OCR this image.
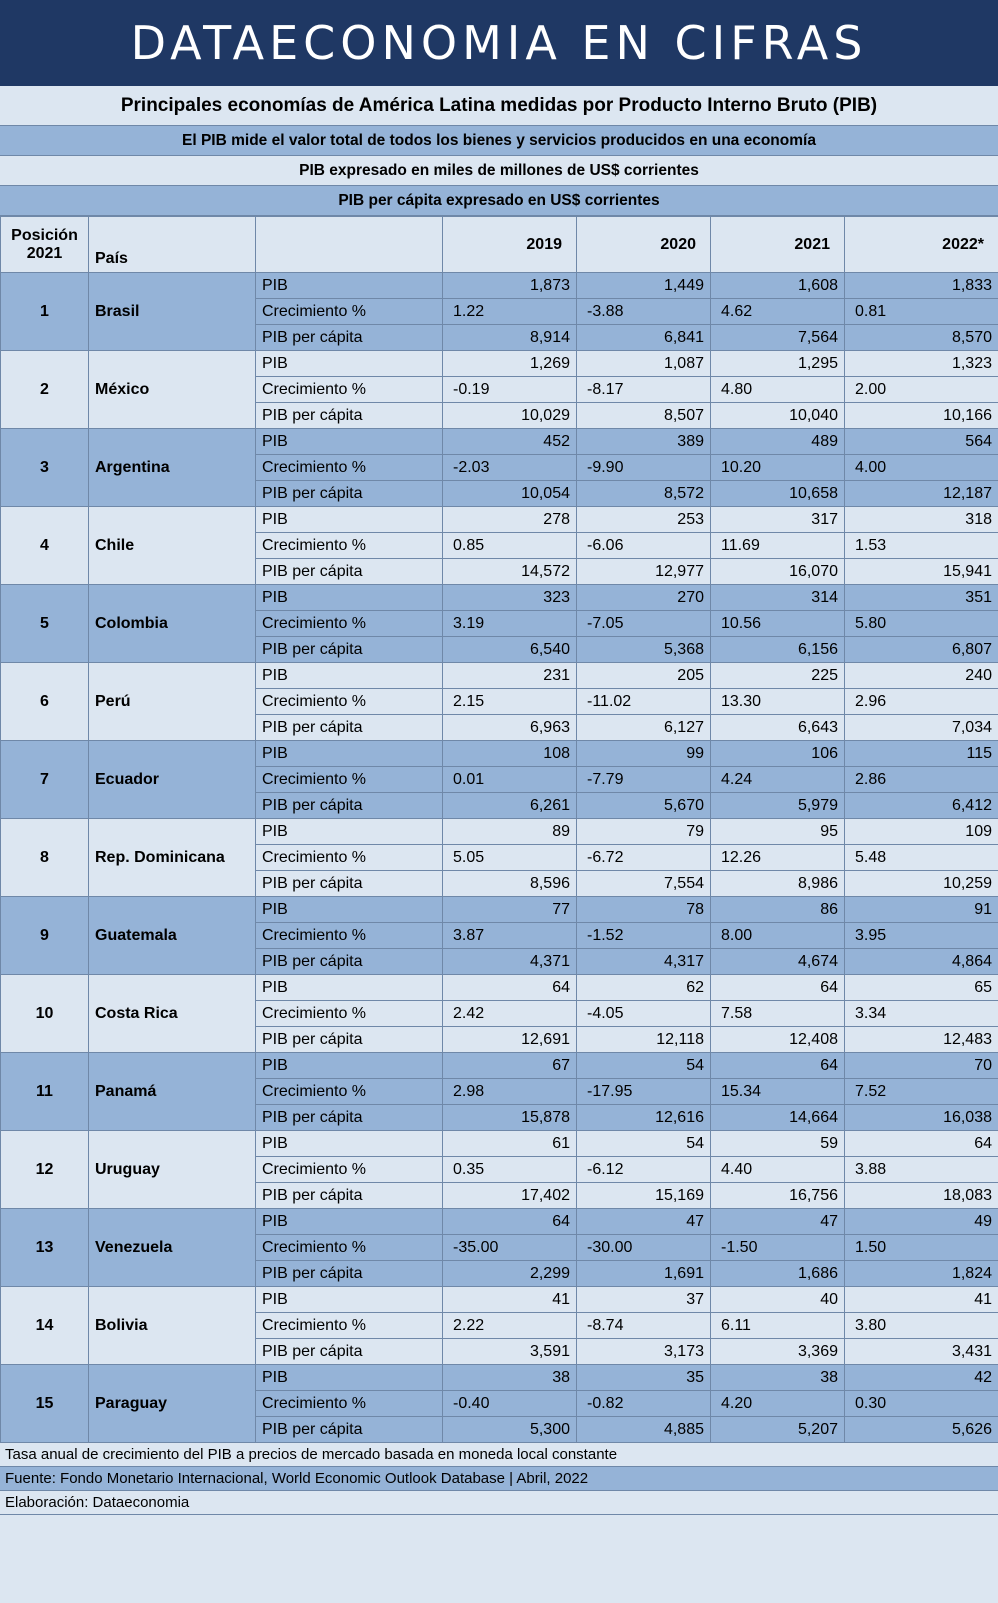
DATAECONOMIA EN CIFRAS
Principales economías de América Latina medidas por Producto Interno Bruto (PIB)
El PIB mide el valor total de todos los bienes y servicios producidos en una economía
PIB expresado en miles de millones de US$ corrientes
PIB per cápita expresado en US$ corrientes
Posición 2021	País		2019	2020	2021	2022*
1	Brasil	PIB	1,873	1,449	1,608	1,833
		Crecimiento %	1.22	-3.88	4.62	0.81
		PIB per cápita	8,914	6,841	7,564	8,570
2	México	PIB	1,269	1,087	1,295	1,323
		Crecimiento %	-0.19	-8.17	4.80	2.00
		PIB per cápita	10,029	8,507	10,040	10,166
3	Argentina	PIB	452	389	489	564
		Crecimiento %	-2.03	-9.90	10.20	4.00
		PIB per cápita	10,054	8,572	10,658	12,187
4	Chile	PIB	278	253	317	318
		Crecimiento %	0.85	-6.06	11.69	1.53
		PIB per cápita	14,572	12,977	16,070	15,941
5	Colombia	PIB	323	270	314	351
		Crecimiento %	3.19	-7.05	10.56	5.80
		PIB per cápita	6,540	5,368	6,156	6,807
6	Perú	PIB	231	205	225	240
		Crecimiento %	2.15	-11.02	13.30	2.96
		PIB per cápita	6,963	6,127	6,643	7,034
7	Ecuador	PIB	108	99	106	115
		Crecimiento %	0.01	-7.79	4.24	2.86
		PIB per cápita	6,261	5,670	5,979	6,412
8	Rep. Dominicana	PIB	89	79	95	109
		Crecimiento %	5.05	-6.72	12.26	5.48
		PIB per cápita	8,596	7,554	8,986	10,259
9	Guatemala	PIB	77	78	86	91
		Crecimiento %	3.87	-1.52	8.00	3.95
		PIB per cápita	4,371	4,317	4,674	4,864
10	Costa Rica	PIB	64	62	64	65
		Crecimiento %	2.42	-4.05	7.58	3.34
		PIB per cápita	12,691	12,118	12,408	12,483
11	Panamá	PIB	67	54	64	70
		Crecimiento %	2.98	-17.95	15.34	7.52
		PIB per cápita	15,878	12,616	14,664	16,038
12	Uruguay	PIB	61	54	59	64
		Crecimiento %	0.35	-6.12	4.40	3.88
		PIB per cápita	17,402	15,169	16,756	18,083
13	Venezuela	PIB	64	47	47	49
		Crecimiento %	-35.00	-30.00	-1.50	1.50
		PIB per cápita	2,299	1,691	1,686	1,824
14	Bolivia	PIB	41	37	40	41
		Crecimiento %	2.22	-8.74	6.11	3.80
		PIB per cápita	3,591	3,173	3,369	3,431
15	Paraguay	PIB	38	35	38	42
		Crecimiento %	-0.40	-0.82	4.20	0.30
		PIB per cápita	5,300	4,885	5,207	5,626
Tasa anual de crecimiento del PIB a precios de mercado basada en moneda local constante
Fuente: Fondo Monetario Internacional, World Economic Outlook Database | Abril, 2022
Elaboración: Dataeconomia
